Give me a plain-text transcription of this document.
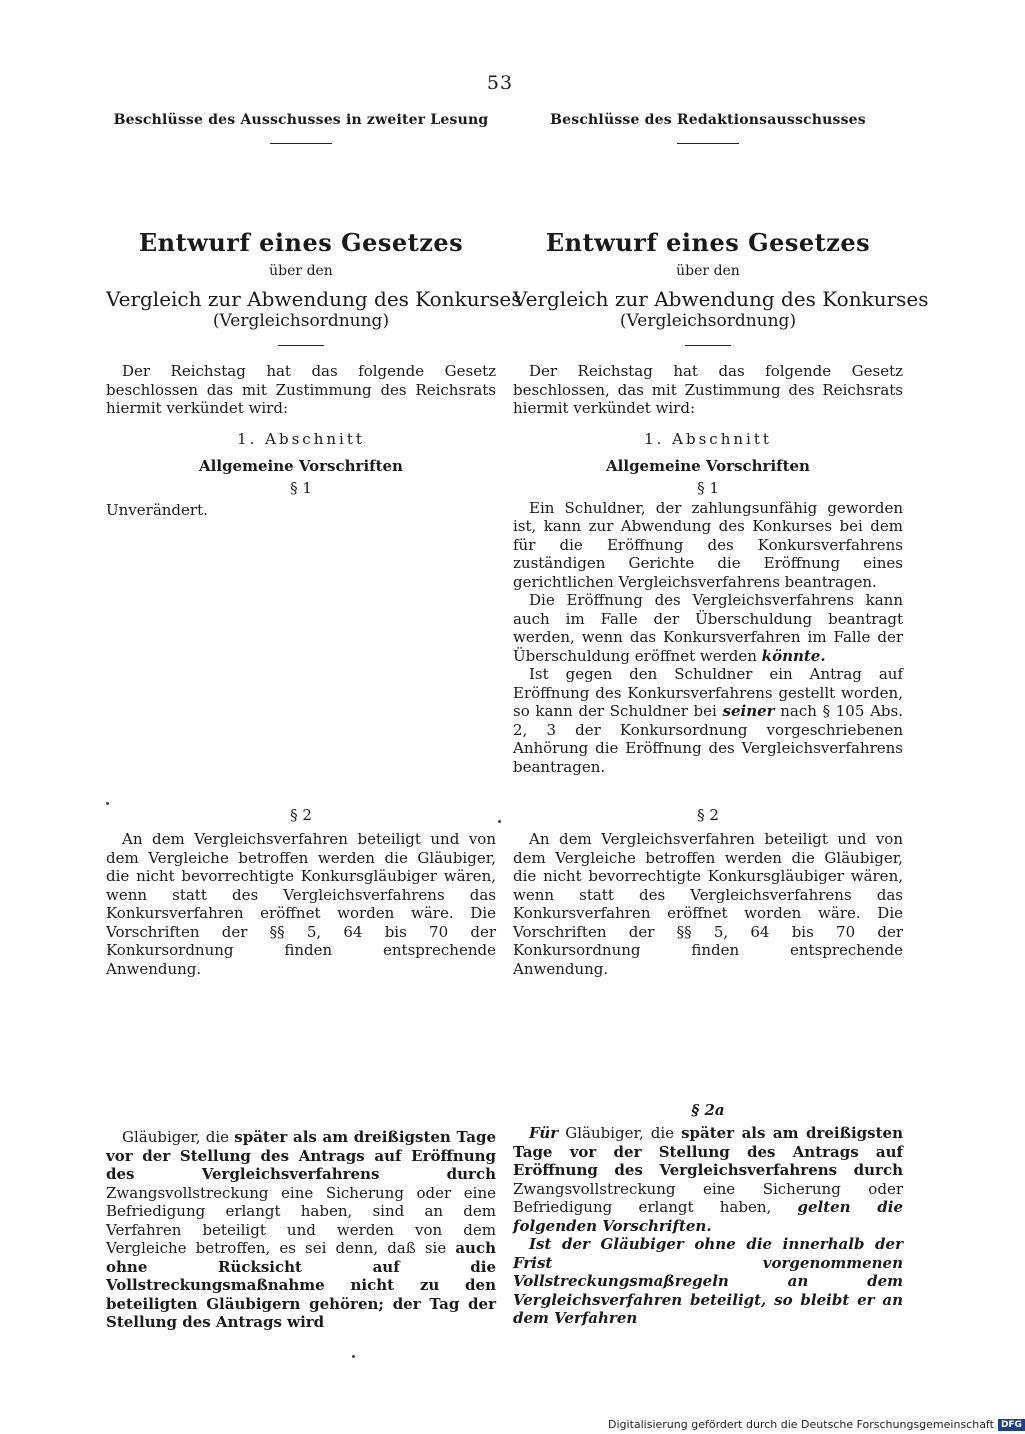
53
Beschlüsse des Ausschusses in zweiter Lesung
Entwurf eines Gesetzes
über den
Vergleich zur Abwendung des Konkurses
(Vergleichsordnung)

Der Reichstag hat das folgende Gesetz beschlossen das mit Zustimmung des Reichsrats hiermit verkündet wird:

1. Abschnitt
Allgemeine Vorschriften
§ 1

Unverändert.

§ 2

An dem Vergleichsverfahren beteiligt und von dem Vergleiche betroffen werden die Gläubiger, die nicht bevorrechtigte Konkursgläubiger wären, wenn statt des Vergleichsverfahrens das Konkursverfahren eröffnet worden wäre. Die Vorschriften der §§ 5, 64 bis 70 der Konkursordnung finden entsprechende Anwendung.

Gläubiger, die später als am dreißigsten Tage vor der Stellung des Antrags auf Eröffnung des Vergleichsverfahrens durch Zwangsvollstreckung eine Sicherung oder eine Befriedigung erlangt haben, sind an dem Verfahren beteiligt und werden von dem Vergleiche betroffen, es sei denn, daß sie auch ohne Rücksicht auf die Vollstreckungsmaßnahme nicht zu den beteiligten Gläubigern gehören; der Tag der Stellung des Antrags wird

Beschlüsse des Redaktionsausschusses
Entwurf eines Gesetzes
über den
Vergleich zur Abwendung des Konkurses
(Vergleichsordnung)

Der Reichstag hat das folgende Gesetz beschlossen, das mit Zustimmung des Reichsrats hiermit verkündet wird:

1. Abschnitt
Allgemeine Vorschriften
§ 1

Ein Schuldner, der zahlungsunfähig geworden ist, kann zur Abwendung des Konkurses bei dem für die Eröffnung des Konkursverfahrens zuständigen Gerichte die Eröffnung eines gerichtlichen Vergleichsverfahrens beantragen.

Die Eröffnung des Vergleichsverfahrens kann auch im Falle der Überschuldung beantragt werden, wenn das Konkursverfahren im Falle der Überschuldung eröffnet werden könnte.

Ist gegen den Schuldner ein Antrag auf Eröffnung des Konkursverfahrens gestellt worden, so kann der Schuldner bei seiner nach § 105 Abs. 2, 3 der Konkursordnung vorgeschriebenen Anhörung die Eröffnung des Vergleichsverfahrens beantragen.

§ 2

An dem Vergleichsverfahren beteiligt und von dem Vergleiche betroffen werden die Gläubiger, die nicht bevorrechtigte Konkursgläubiger wären, wenn statt des Vergleichsverfahrens das Konkursverfahren eröffnet worden wäre. Die Vorschriften der §§ 5, 64 bis 70 der Konkursordnung finden entsprechende Anwendung.

§ 2a

Für Gläubiger, die später als am dreißigsten Tage vor der Stellung des Antrags auf Eröffnung des Vergleichsverfahrens durch Zwangsvollstreckung eine Sicherung oder Befriedigung erlangt haben, gelten die folgenden Vorschriften.

Ist der Gläubiger ohne die innerhalb der Frist vorgenommenen Vollstreckungsmaßregeln an dem Vergleichsverfahren beteiligt, so bleibt er an dem Verfahren

Digitalisierung gefördert durch die Deutsche Forschungsgemeinschaft DFG
